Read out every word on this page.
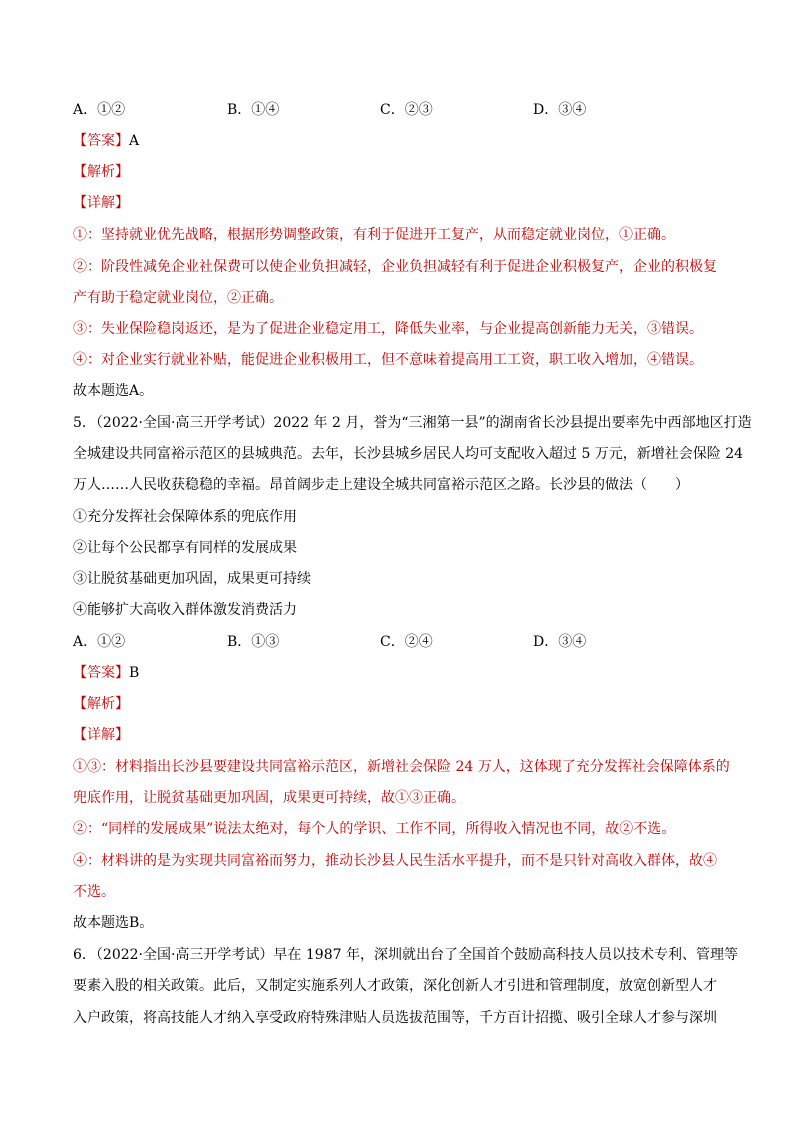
A．①②	B．①④	C．②③	D．③④
【答案】A
【解析】
【详解】
①：坚持就业优先战略，根据形势调整政策，有利于促进开工复产，从而稳定就业岗位，①正确。
②：阶段性减免企业社保费可以使企业负担减轻，企业负担减轻有利于促进企业积极复产，企业的积极复
产有助于稳定就业岗位，②正确。
③：失业保险稳岗返还，是为了促进企业稳定用工，降低失业率，与企业提高创新能力无关，③错误。
④：对企业实行就业补贴，能促进企业积极用工，但不意味着提高用工工资，职工收入增加，④错误。
故本题选A。
5．（2022·全国·高三开学考试）2022 年 2 月，誉为“三湘第一县”的湖南省长沙县提出要率先中西部地区打造
全城建设共同富裕示范区的县城典范。去年，长沙县城乡居民人均可支配收入超过 5 万元，新增社会保险 24
万人……人民收获稳稳的幸福。昂首阔步走上建设全城共同富裕示范区之路。长沙县的做法（　　）
①充分发挥社会保障体系的兜底作用
②让每个公民都享有同样的发展成果
③让脱贫基础更加巩固，成果更可持续
④能够扩大高收入群体激发消费活力
A．①②	B．①③	C．②④	D．③④
【答案】B
【解析】
【详解】
①③：材料指出长沙县要建设共同富裕示范区，新增社会保险 24 万人，这体现了充分发挥社会保障体系的
兜底作用，让脱贫基础更加巩固，成果更可持续，故①③正确。
②：“同样的发展成果”说法太绝对，每个人的学识、工作不同，所得收入情况也不同，故②不选。
④：材料讲的是为实现共同富裕而努力，推动长沙县人民生活水平提升，而不是只针对高收入群体，故④
不选。
故本题选B。
6．（2022·全国·高三开学考试）早在 1987 年，深圳就出台了全国首个鼓励高科技人员以技术专利、管理等
要素入股的相关政策。此后，又制定实施系列人才政策，深化创新人才引进和管理制度，放宽创新型人才
入户政策，将高技能人才纳入享受政府特殊津贴人员选拔范围等，千方百计招揽、吸引全球人才参与深圳
